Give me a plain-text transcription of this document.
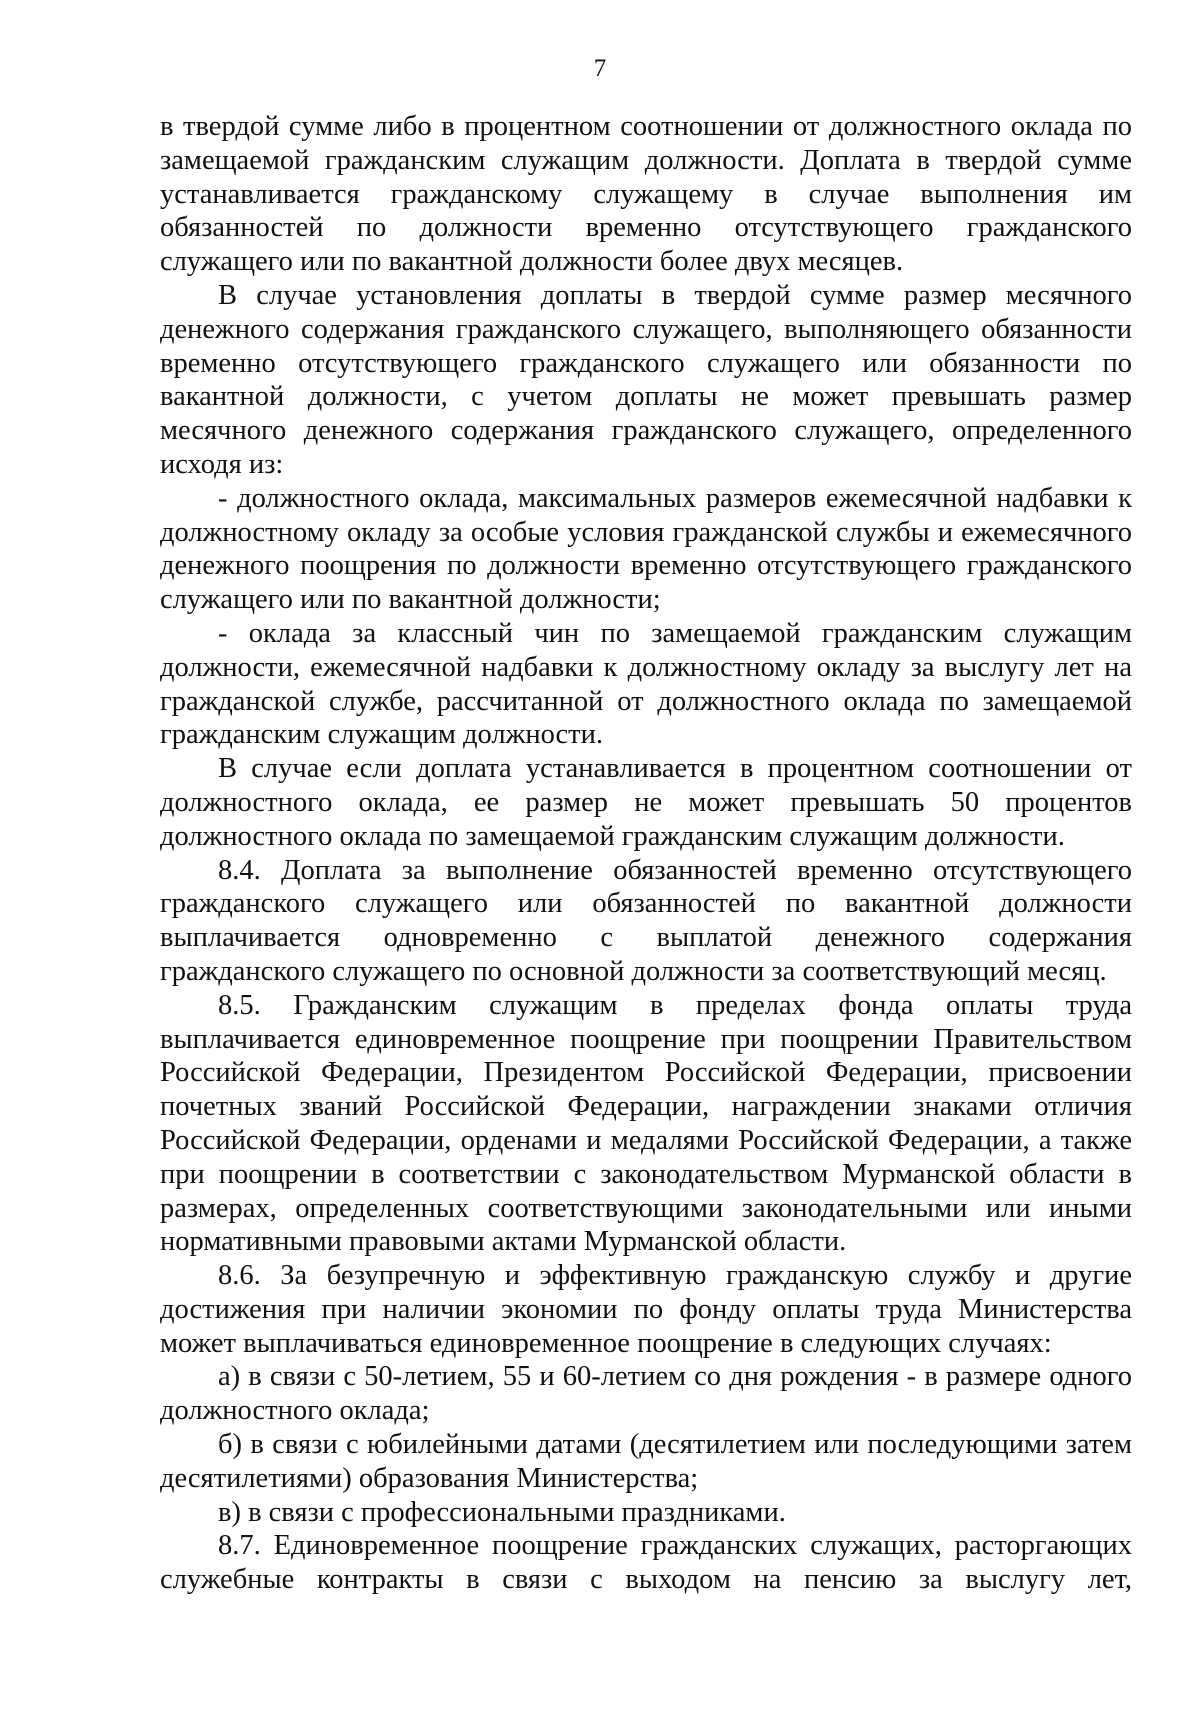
7
в твердой сумме либо в процентном соотношении от должностного оклада по
замещаемой гражданским служащим должности. Доплата в твердой сумме
устанавливается гражданскому служащему в случае выполнения им
обязанностей по должности временно отсутствующего гражданского
служащего или по вакантной должности более двух месяцев.
В случае установления доплаты в твердой сумме размер месячного
денежного содержания гражданского служащего, выполняющего обязанности
временно отсутствующего гражданского служащего или обязанности по
вакантной должности, с учетом доплаты не может превышать размер
месячного денежного содержания гражданского служащего, определенного
исходя из:
- должностного оклада, максимальных размеров ежемесячной надбавки к
должностному окладу за особые условия гражданской службы и ежемесячного
денежного поощрения по должности временно отсутствующего гражданского
служащего или по вакантной должности;
- оклада за классный чин по замещаемой гражданским служащим
должности, ежемесячной надбавки к должностному окладу за выслугу лет на
гражданской службе, рассчитанной от должностного оклада по замещаемой
гражданским служащим должности.
В случае если доплата устанавливается в процентном соотношении от
должностного оклада, ее размер не может превышать 50 процентов
должностного оклада по замещаемой гражданским служащим должности.
8.4. Доплата за выполнение обязанностей временно отсутствующего
гражданского служащего или обязанностей по вакантной должности
выплачивается одновременно с выплатой денежного содержания
гражданского служащего по основной должности за соответствующий месяц.
8.5. Гражданским служащим в пределах фонда оплаты труда
выплачивается единовременное поощрение при поощрении Правительством
Российской Федерации, Президентом Российской Федерации, присвоении
почетных званий Российской Федерации, награждении знаками отличия
Российской Федерации, орденами и медалями Российской Федерации, а также
при поощрении в соответствии с законодательством Мурманской области в
размерах, определенных соответствующими законодательными или иными
нормативными правовыми актами Мурманской области.
8.6. За безупречную и эффективную гражданскую службу и другие
достижения при наличии экономии по фонду оплаты труда Министерства
может выплачиваться единовременное поощрение в следующих случаях:
а) в связи с 50-летием, 55 и 60-летием со дня рождения - в размере одного
должностного оклада;
б) в связи с юбилейными датами (десятилетием или последующими затем
десятилетиями) образования Министерства;
в) в связи с профессиональными праздниками.
8.7. Единовременное поощрение гражданских служащих, расторгающих
служебные контракты в связи с выходом на пенсию за выслугу лет,
